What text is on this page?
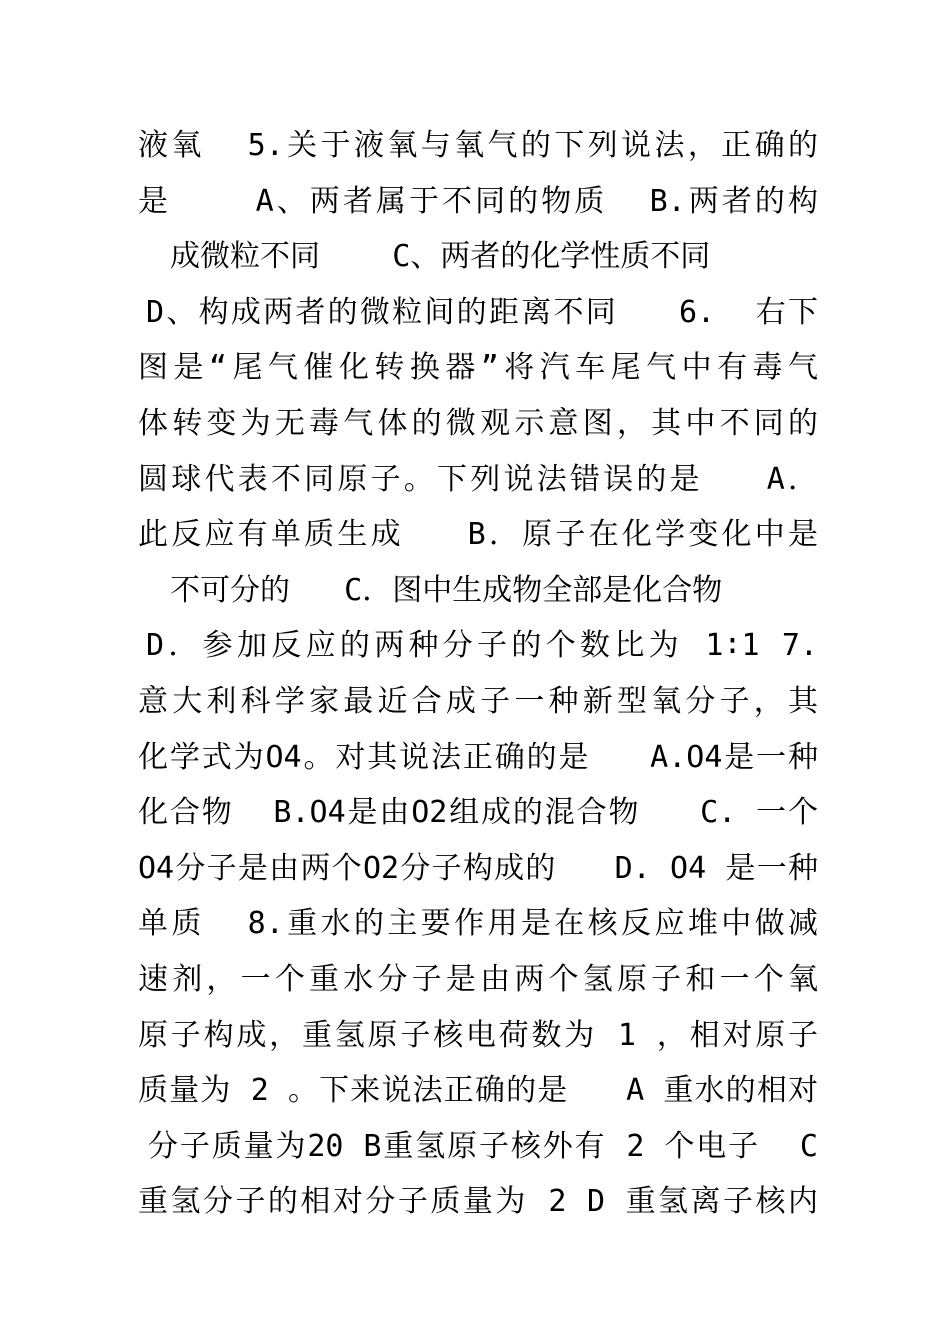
液氧  5.关于液氧与氧气的下列说法，正确的
是    A、两者属于不同的物质  B.两者的构
成微粒不同    C、两者的化学性质不同
D、构成两者的微粒间的距离不同   6.  右下
图是“尾气催化转换器”将汽车尾气中有毒气
体转变为无毒气体的微观示意图，其中不同的
圆球代表不同原子。下列说法错误的是   A．
此反应有单质生成   B．原子在化学变化中是
不可分的   C．图中生成物全部是化合物
D．参加反应的两种分子的个数比为 1∶1 7.
意大利科学家最近合成子一种新型氧分子，其
化学式为O4。对其说法正确的是   A.O4是一种
化合物  B.O4是由O2组成的混合物   C. 一个
O4分子是由两个O2分子构成的   D. O4 是一种
单质  8.重水的主要作用是在核反应堆中做减
速剂，一个重水分子是由两个氢原子和一个氧
原子构成，重氢原子核电荷数为 1 ，相对原子
质量为 2 。下来说法正确的是   A 重水的相对
分子质量为20 B重氢原子核外有 2 个电子  C
重氢分子的相对分子质量为 2 D 重氢离子核内
